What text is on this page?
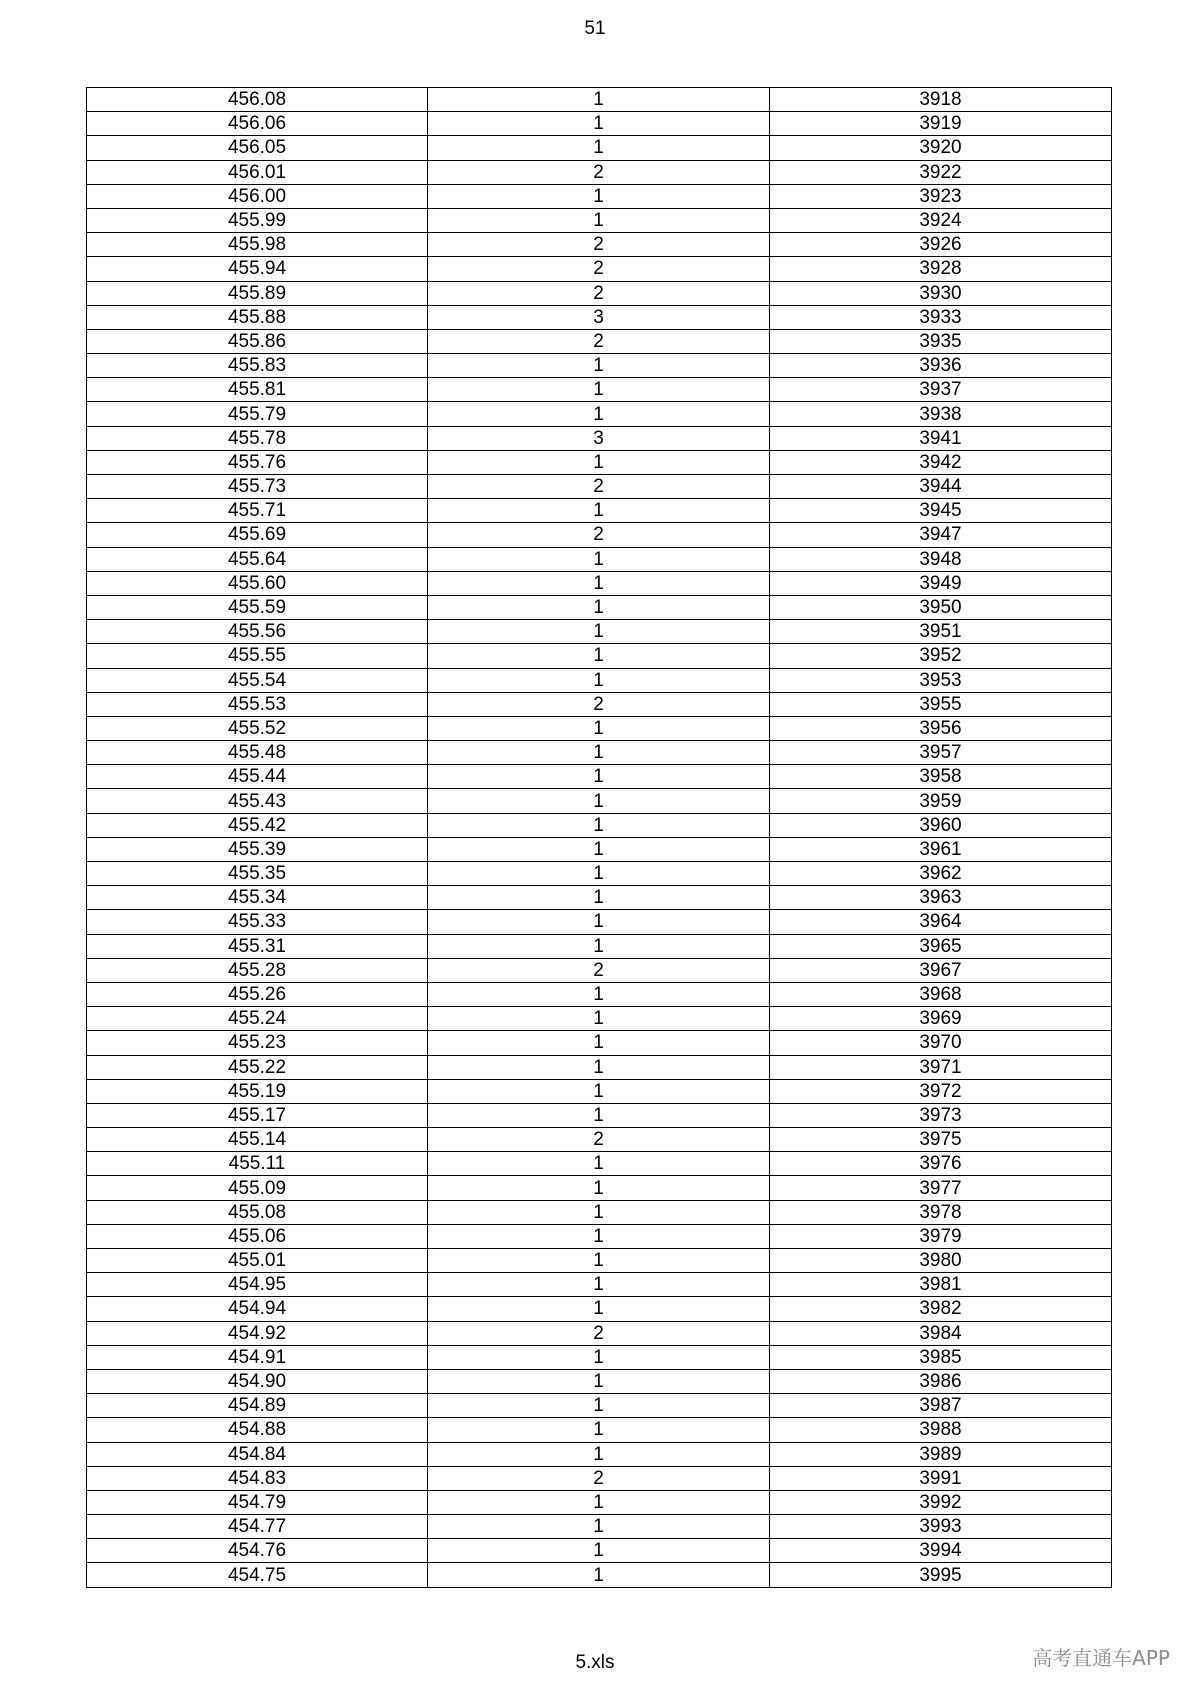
51
456.08	1	3918
456.06	1	3919
456.05	1	3920
456.01	2	3922
456.00	1	3923
455.99	1	3924
455.98	2	3926
455.94	2	3928
455.89	2	3930
455.88	3	3933
455.86	2	3935
455.83	1	3936
455.81	1	3937
455.79	1	3938
455.78	3	3941
455.76	1	3942
455.73	2	3944
455.71	1	3945
455.69	2	3947
455.64	1	3948
455.60	1	3949
455.59	1	3950
455.56	1	3951
455.55	1	3952
455.54	1	3953
455.53	2	3955
455.52	1	3956
455.48	1	3957
455.44	1	3958
455.43	1	3959
455.42	1	3960
455.39	1	3961
455.35	1	3962
455.34	1	3963
455.33	1	3964
455.31	1	3965
455.28	2	3967
455.26	1	3968
455.24	1	3969
455.23	1	3970
455.22	1	3971
455.19	1	3972
455.17	1	3973
455.14	2	3975
455.11	1	3976
455.09	1	3977
455.08	1	3978
455.06	1	3979
455.01	1	3980
454.95	1	3981
454.94	1	3982
454.92	2	3984
454.91	1	3985
454.90	1	3986
454.89	1	3987
454.88	1	3988
454.84	1	3989
454.83	2	3991
454.79	1	3992
454.77	1	3993
454.76	1	3994
454.75	1	3995
5.xls	高考直通车APP
